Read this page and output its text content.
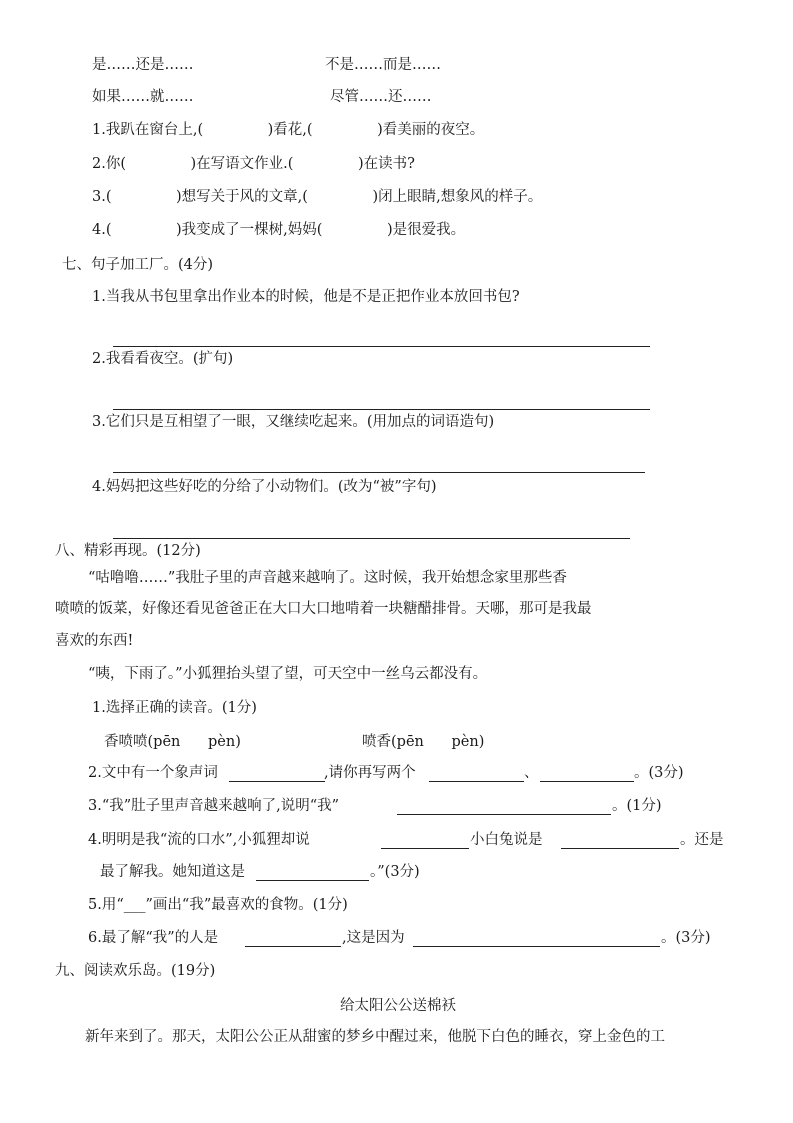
是……还是……	不是……而是……
如果……就……	尽管……还……
1.我趴在窗台上,(              )看花,(              )看美丽的夜空。
2.你(              )在写语文作业.(              )在读书?
3.(              )想写关于风的文章,(              )闭上眼睛,想象风的样子。
4.(              )我变成了一棵树,妈妈(              )是很爱我。
七、句子加工厂。(4分)
1.当我从书包里拿出作业本的时候，他是不是正把作业本放回书包?
2.我看看夜空。(扩句)
3.它们只是互相望了一眼，又继续吃起来。(用加点的词语造句)
4.妈妈把这些好吃的分给了小动物们。(改为“被”字句)
八、精彩再现。(12分)
“咕噜噜……”我肚子里的声音越来越响了。这时候，我开始想念家里那些香
喷喷的饭菜，好像还看见爸爸正在大口大口地啃着一块糖醋排骨。天哪，那可是我最
喜欢的东西!
“咦，下雨了。”小狐狸抬头望了望，可天空中一丝乌云都没有。
1.选择正确的读音。(1分)
香喷喷(pēn      pèn)	喷香(pēn      pèn)
2.文中有一个象声词	,请你再写两个	、	。(3分)
3.“我”肚子里声音越来越响了,说明“我”	。(1分)
4.明明是我“流的口水”,小狐狸却说	小白兔说是	。还是
最了解我。她知道这是	。”(3分)
5.用“___”画出“我”最喜欢的食物。(1分)
6.最了解“我”的人是	,这是因为	。(3分)
九、阅读欢乐岛。(19分)
给太阳公公送棉袄
新年来到了。那天，太阳公公正从甜蜜的梦乡中醒过来，他脱下白色的睡衣，穿上金色的工
